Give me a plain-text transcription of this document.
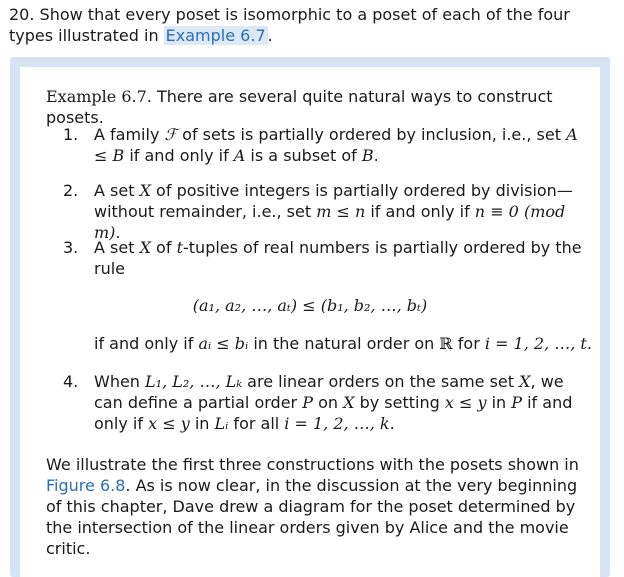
20. Show that every poset is isomorphic to a poset of each of the four types illustrated in Example 6.7 .
Example 6.7. There are several quite natural ways to construct posets.
1. A family ℱ of sets is partially ordered by inclusion, i.e., set A ≤ B if and only if A is a subset of B.
2. A set X of positive integers is partially ordered by division—without remainder, i.e., set m ≤ n if and only if n ≡ 0 (mod m).
3. A set X of t-tuples of real numbers is partially ordered by the rule
(a₁, a₂, …, aₜ) ≤ (b₁, b₂, …, bₜ)
if and only if aᵢ ≤ bᵢ in the natural order on ℝ for i = 1, 2, …, t.
4. When L₁, L₂, …, Lₖ are linear orders on the same set X, we can define a partial order P on X by setting x ≤ y in P if and only if x ≤ y in Lᵢ for all i = 1, 2, …, k.
We illustrate the first three constructions with the posets shown in Figure 6.8. As is now clear, in the discussion at the very beginning of this chapter, Dave drew a diagram for the poset determined by the intersection of the linear orders given by Alice and the movie critic.
